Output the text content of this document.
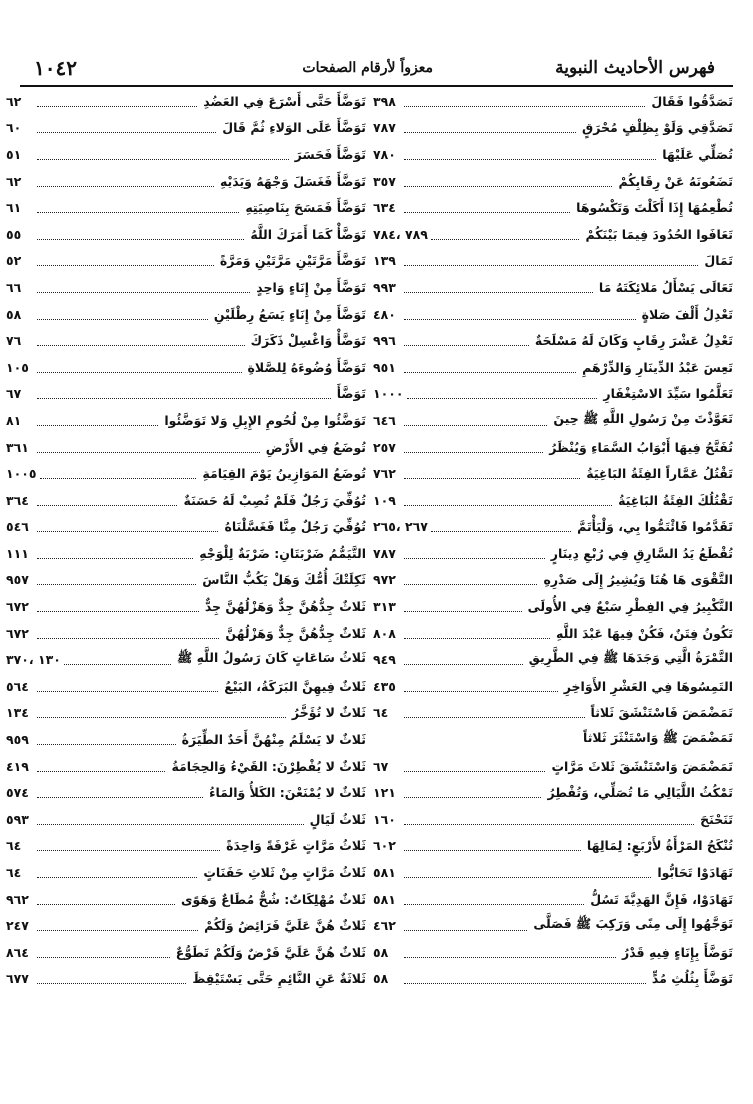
فهرس الأحاديث النبوية
معزواً لأرقام الصفحات
١٠٤٢
تَصَدَّقُوا فَقَالَ
٣٩٨
تَصَدَّقِي وَلَوْ بِظِلْفٍ مُحْرَقٍ
٧٨٧
تُصَلِّي عَلَيْهَا
٧٨٠
تَضَعُونَهُ عَنْ رِقَابِكُمْ
٣٥٧
تُطْعِمُهَا إِذَا أَكَلْتَ وَتَكْسُوهَا
٦٣٤
تَعَافَوا الحُدُودَ فِيمَا بَيْنَكُمْ
٧٨٩ ،٧٨٤
تَمَالَ
١٣٩
تَعَالَى يَسْأَلُ مَلائِكَتَهُ مَا
٩٩٣
تَعْدِلُ أَلْفَ صَلاةٍ
٤٨٠
تَعْدِلُ عَشْرَ رِقَابٍ وَكَانَ لَهُ مَسْلَحَةٌ
٩٩٦
تَعِسَ عَبْدُ الدِّينَارِ وَالدِّرْهَمِ
٩٥١
تَعَلَّمُوا سَيِّدَ الاسْتِغْفَارِ
١٠٠٠
تَعَوَّذْتَ مِنْ رَسُولِ اللَّهِ ﷺ حِينَ
٦٤٦
تُفَتَّحُ فِيهَا أَبْوَابُ السَّمَاءِ وَيُنْظَرُ
٢٥٧
تَقْتُلُ عَمَّاراً الفِئَةُ البَاغِيَةُ
٧٦٢
تَقْتُلُكَ الفِئَةُ البَاغِيَةُ
١٠٩
تَقَدَّمُوا فَائْتَمُّوا بِي، وَلْيَأْتَمَّ
٢٦٧ ،٢٦٥
تُقْطَعُ يَدُ السَّارِقِ فِي رُبْعِ دِينَارٍ
٧٨٧
التَّقْوَى هَا هُنَا وَيُشِيرُ إِلَى صَدْرِهِ
٩٧٢
التَّكْبِيرُ فِي الفِطْرِ سَبْعٌ فِي الأُولَى
٣١٣
تَكُونُ فِتَنٌ، فَكُنْ فِيهَا عَبْدَ اللَّهِ
٨٠٨
التَّمْرَةُ الَّتِي وَجَدَهَا ﷺ فِي الطَّرِيقِ
٩٤٩
التَمِسُوهَا فِي العَشْرِ الأَوَاخِرِ
٤٣٥
تَمَضْمَضَ فَاسْتَنْشَقَ ثَلاثاً
٦٤
تَمَضْمَضَ ﷺ وَاسْتَنْثَرَ ثَلاثاً
تَمَضْمَضَ وَاسْتَنْشَقَ ثَلاثَ مَرَّاتٍ
٦٧
تَمْكُثُ اللَّيَالِي مَا تُصَلِّي، وَتُفْطِرُ
١٢١
تَنَحْنَحَ
١٦٠
تُنْكَحُ المَرْأَةُ لأَرْبَعٍ: لِمَالِهَا
٦٠٢
تَهَادَوْا تَحَابُّوا
٥٨١
تَهَادَوْا، فَإِنَّ الهَدِيَّةَ تَسُلُّ
٥٨١
تَوَجَّهُوا إِلَى مِنًى وَرَكِبَ ﷺ فَصَلَّى
٤٦٢
تَوَضَّأَ بِإِنَاءٍ فِيهِ قَدْرُ
٥٨
تَوَضَّأَ بِثُلُثِ مُدٍّ
٥٨
تَوَضَّأَ حَتَّى أَسْرَعَ فِي العَضُدِ
٦٢
تَوَضَّأَ عَلَى الوَلاءِ ثُمَّ قَالَ
٦٠
تَوَضَّأَ فَحَسَرَ
٥١
تَوَضَّأَ فَغَسَلَ وَجْهَهُ وَيَدَيْهِ
٦٢
تَوَضَّأَ فَمَسَحَ بِنَاصِيَتِهِ
٦١
تَوَضَّأْ كَمَا أَمَرَكَ اللَّهُ
٥٥
تَوَضَّأَ مَرَّتَيْنِ مَرَّتَيْنِ وَمَرَّةً
٥٢
تَوَضَّأَ مِنْ إِنَاءٍ وَاحِدٍ
٦٦
تَوَضَّأَ مِنْ إِنَاءٍ يَسَعُ رِطْلَيْنِ
٥٨
تَوَضَّأْ وَاغْسِلْ ذَكَرَكَ
٧٦
تَوَضَّأَ وُضُوءَهُ لِلصَّلاةِ
١٠٥
تَوَضَّأَ
٦٧
تَوَضَّئُوا مِنْ لُحُومِ الإِبِلِ وَلا تَوَضَّئُوا
٨١
تُوضَعُ فِي الأَرْضِ
٣٦١
تُوضَعُ المَوَازِينُ يَوْمَ القِيَامَةِ
١٠٠٥
تُوُفِّيَ رَجُلٌ فَلَمْ تُصِبْ لَهُ حَسَنَةٌ
٣٦٤
تُوُفِّيَ رَجُلٌ مِنَّا فَغَسَّلْنَاهُ
٥٤٦
التَّيَمُّمُ ضَرْبَتَانِ: ضَرْبَةٌ لِلْوَجْهِ
١١١
ثَكِلَتْكَ أُمُّكَ وَهَلْ يَكُبُّ النَّاسَ
٩٥٧
ثَلاثٌ جِدُّهُنَّ جِدٌّ وَهَزْلُهُنَّ جِدٌّ
٦٧٢
ثَلاثٌ جِدُّهُنَّ جِدٌّ وَهَزْلُهُنَّ
٦٧٢
ثَلاثُ سَاعَاتٍ كَانَ رَسُولُ اللَّهِ ﷺ
١٣٠ ،٣٧٠
ثَلاثٌ فِيهِنَّ البَرَكَةُ، البَيْعُ
٥٦٤
ثَلاثٌ لا تُؤَخَّرُ
١٣٤
ثَلاثٌ لا يَسْلَمُ مِنْهُنَّ أَحَدٌ الطِّيَرَةُ
٩٥٩
ثَلاثٌ لا يُفْطِرْنَ: القَيْءُ وَالحِجَامَةُ
٤١٩
ثَلاثٌ لا يُمْنَعْنَ: الكَلأُ وَالمَاءُ
٥٧٤
ثَلاثُ لَيَالٍ
٥٩٣
ثَلاثُ مَرَّاتٍ غَرْفَةً وَاحِدَةً
٦٤
ثَلاثُ مَرَّاتٍ مِنْ ثَلاثِ حَفَنَاتٍ
٦٤
ثَلاثٌ مُهْلِكَاتٌ: شُحٌّ مُطَاعٌ وَهَوًى
٩٦٢
ثَلاثٌ هُنَّ عَلَيَّ فَرَائِضُ وَلَكُمْ
٢٤٧
ثَلاثٌ هُنَّ عَلَيَّ فَرْضٌ وَلَكُمْ تَطَوُّعٌ
٨٦٤
ثَلاثَةٌ عَنِ النَّائِمِ حَتَّى يَسْتَيْقِظَ
٦٧٧
